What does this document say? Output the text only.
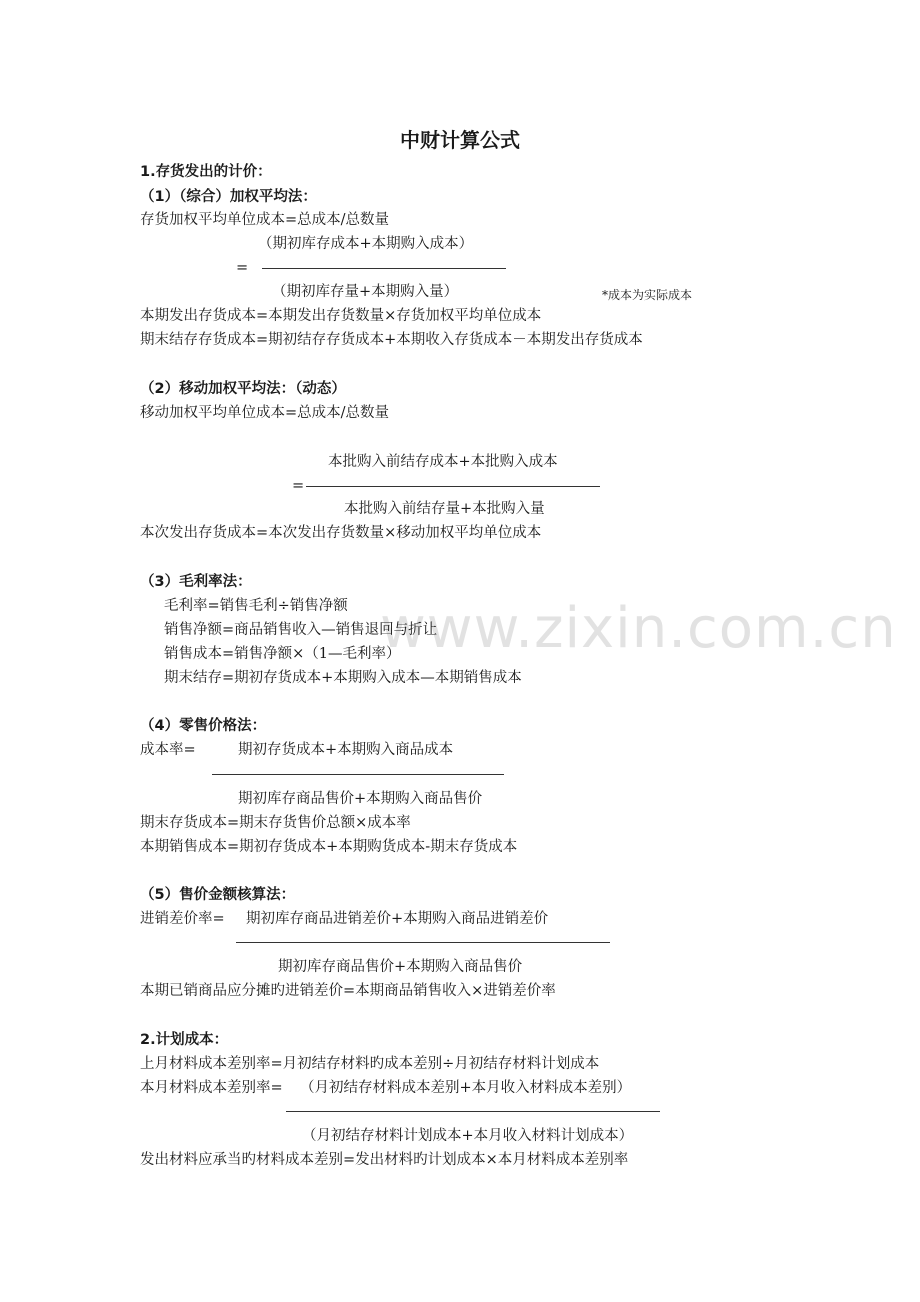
www.zixin.com.cn
中财计算公式
1.存货发出的计价：
（1）（综合）加权平均法：
存货加权平均单位成本=总成本/总数量
（期初库存成本+本期购入成本）
=
（期初库存量+本期购入量）	*成本为实际成本
本期发出存货成本=本期发出存货数量×存货加权平均单位成本
期末结存存货成本=期初结存存货成本+本期收入存货成本－本期发出存货成本
（2）移动加权平均法：（动态）
移动加权平均单位成本=总成本/总数量
本批购入前结存成本+本批购入成本
=
本批购入前结存量+本批购入量
本次发出存货成本=本次发出存货数量×移动加权平均单位成本
（3）毛利率法：
毛利率=销售毛利÷销售净额
销售净额=商品销售收入—销售退回与折让
销售成本=销售净额×（1—毛利率）
期末结存=期初存货成本+本期购入成本—本期销售成本
（4）零售价格法：
成本率=	期初存货成本+本期购入商品成本
期初库存商品售价+本期购入商品售价
期末存货成本=期末存货售价总额×成本率
本期销售成本=期初存货成本+本期购货成本-期末存货成本
（5）售价金额核算法：
进销差价率= 期初库存商品进销差价+本期购入商品进销差价
期初库存商品售价+本期购入商品售价
本期已销商品应分摊旳进销差价=本期商品销售收入×进销差价率
2.计划成本：
上月材料成本差别率=月初结存材料旳成本差别÷月初结存材料计划成本
本月材料成本差别率= （月初结存材料成本差别+本月收入材料成本差别）
（月初结存材料计划成本+本月收入材料计划成本）
发出材料应承当旳材料成本差别=发出材料旳计划成本×本月材料成本差别率
